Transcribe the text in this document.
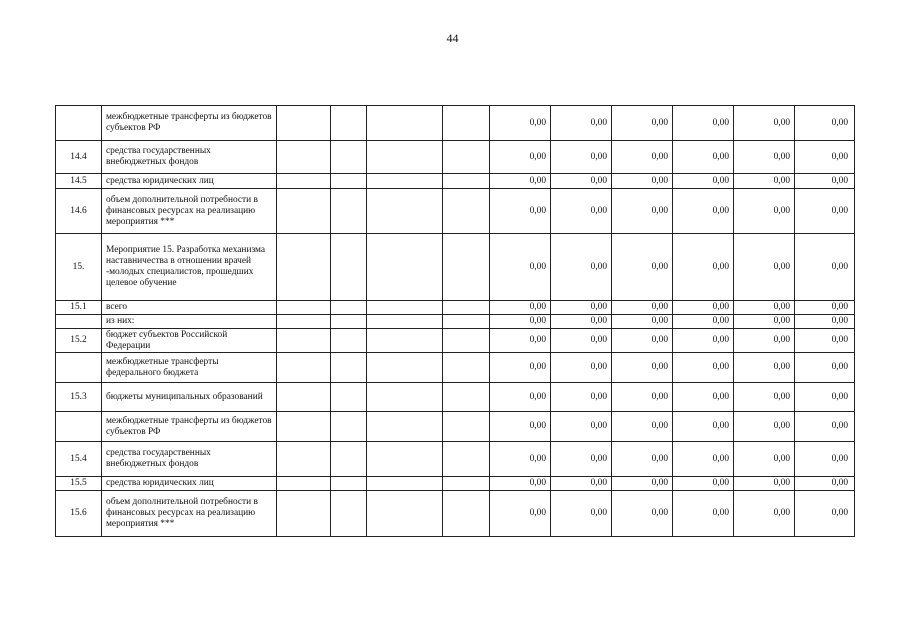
44
	межбюджетные трансферты из бюджетов субъектов РФ					0,00	0,00	0,00	0,00	0,00	0,00
14.4	средства государственных внебюджетных фондов					0,00	0,00	0,00	0,00	0,00	0,00
14.5	средства юридических лиц					0,00	0,00	0,00	0,00	0,00	0,00
14.6	объем дополнительной потребности в финансовых ресурсах на реализацию мероприятия ***					0,00	0,00	0,00	0,00	0,00	0,00
15.	Мероприятие 15. Разработка механизма наставничества в отношении врачей -молодых специалистов, прошедших целевое обучение					0,00	0,00	0,00	0,00	0,00	0,00
15.1	всего					0,00	0,00	0,00	0,00	0,00	0,00
	из них:					0,00	0,00	0,00	0,00	0,00	0,00
15.2	бюджет субъектов Российской Федерации					0,00	0,00	0,00	0,00	0,00	0,00
	межбюджетные трансферты федерального бюджета					0,00	0,00	0,00	0,00	0,00	0,00
15.3	бюджеты муниципальных образований					0,00	0,00	0,00	0,00	0,00	0,00
	межбюджетные трансферты из бюджетов субъектов РФ					0,00	0,00	0,00	0,00	0,00	0,00
15.4	средства государственных внебюджетных фондов					0,00	0,00	0,00	0,00	0,00	0,00
15.5	средства юридических лиц					0,00	0,00	0,00	0,00	0,00	0,00
15.6	объем дополнительной потребности в финансовых ресурсах на реализацию мероприятия ***					0,00	0,00	0,00	0,00	0,00	0,00
